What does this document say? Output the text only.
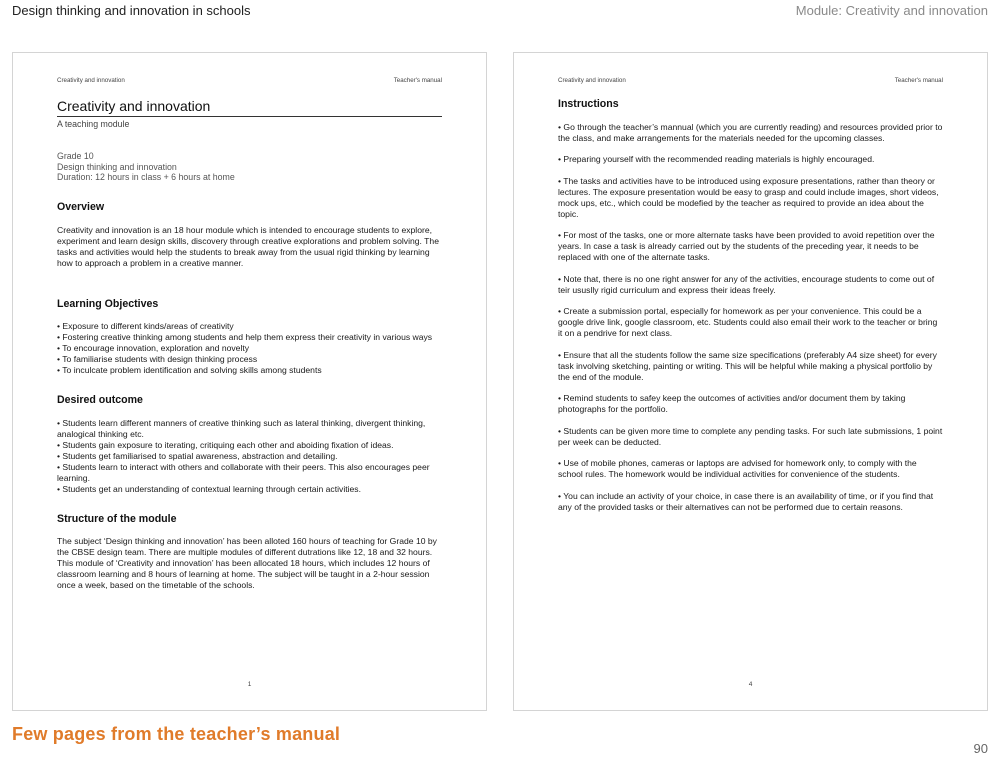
Design thinking and innovation in schools	Module: Creativity and innovation
Creativity and innovation	Teacher's manual
Creativity and innovation
A teaching module
Grade 10
Design thinking and innovation
Duration: 12 hours in class + 6 hours at home
Overview

Creativity and innovation is an 18 hour module which is intended to encourage students to explore, experiment and learn design skills, discovery through creative explorations and problem solving. The tasks and activities would help the students to break away from the usual rigid thinking by learning how to approach a problem in a creative manner.

Learning Objectives
• Exposure to different kinds/areas of creativity
• Fostering creative thinking among students and help them express their creativity in various ways
• To encourage innovation, exploration and novelty
• To familiarise students with design thinking process
• To inculcate problem identification and solving skills among students
Desired outcome
• Students learn different manners of creative thinking such as lateral thinking, divergent thinking, analogical thinking etc.
• Students gain exposure to iterating, critiquing each other and aboiding fixation of ideas.
• Students get familiarised to spatial awareness, abstraction and detailing.
• Students learn to interact with others and collaborate with their peers. This also encourages peer learning.
• Students get an understanding of contextual learning through certain activities.
Structure of the module

The subject ‘Design thinking and innovation’ has been alloted 160 hours of teaching for Grade 10 by the CBSE design team. There are multiple modules of different dutrations like 12, 18 and 32 hours. This module of ‘Creativity and innovation’ has been allocated 18 hours, which includes 12 hours of classroom learning and 8 hours of learning at home. The subject will be taught in a 2-hour session once a week, based on the timetable of the schools.

1
Creativity and innovation	Teacher's manual
Instructions
• Go through the teacher’s mannual (which you are currently reading) and resources provided prior to the class, and make arrangements for the materials needed for the upcoming classes.
• Preparing yourself with the recommended reading materials is highly encouraged.
• The tasks and activities have to be introduced using exposure presentations, rather than theory or lectures. The exposure presentation would be easy to grasp and could include images, short videos, mock ups, etc., which could be modefied by the teacher as required to provide an idea about the topic.
• For most of the tasks, one or more alternate tasks have been provided to avoid repetition over the years. In case a task is already carried out by the students of the preceding year, it needs to be replaced with one of the alternate tasks.
• Note that, there is no one right answer for any of the activities, encourage students to come out of teir ususlly rigid curriculum and express their ideas freely.
• Create a submission portal, especially for homework as per your convenience. This could be a google drive link, google classroom, etc. Students could also email their work to the teacher or bring it on a pendrive for next class.
• Ensure that all the students follow the same size specifications (preferably A4 size sheet) for every task involving sketching, painting or writing. This will be helpful while making a physical portfolio by the end of the module.
• Remind students to safey keep the outcomes of activities and/or document them by taking photographs for the portfolio.
• Students can be given more time to complete any pending tasks. For such late submissions, 1 point per week can be deducted.
• Use of mobile phones, cameras or laptops are advised for homework only, to comply with the school rules. The homework would be individual activities for convenience of the students.
• You can include an activity of your choice, in case there is an availability of time, or if you find that any of the provided tasks or their alternatives can not be performed due to certain reasons.
4
Few pages from the teacher’s manual
90
